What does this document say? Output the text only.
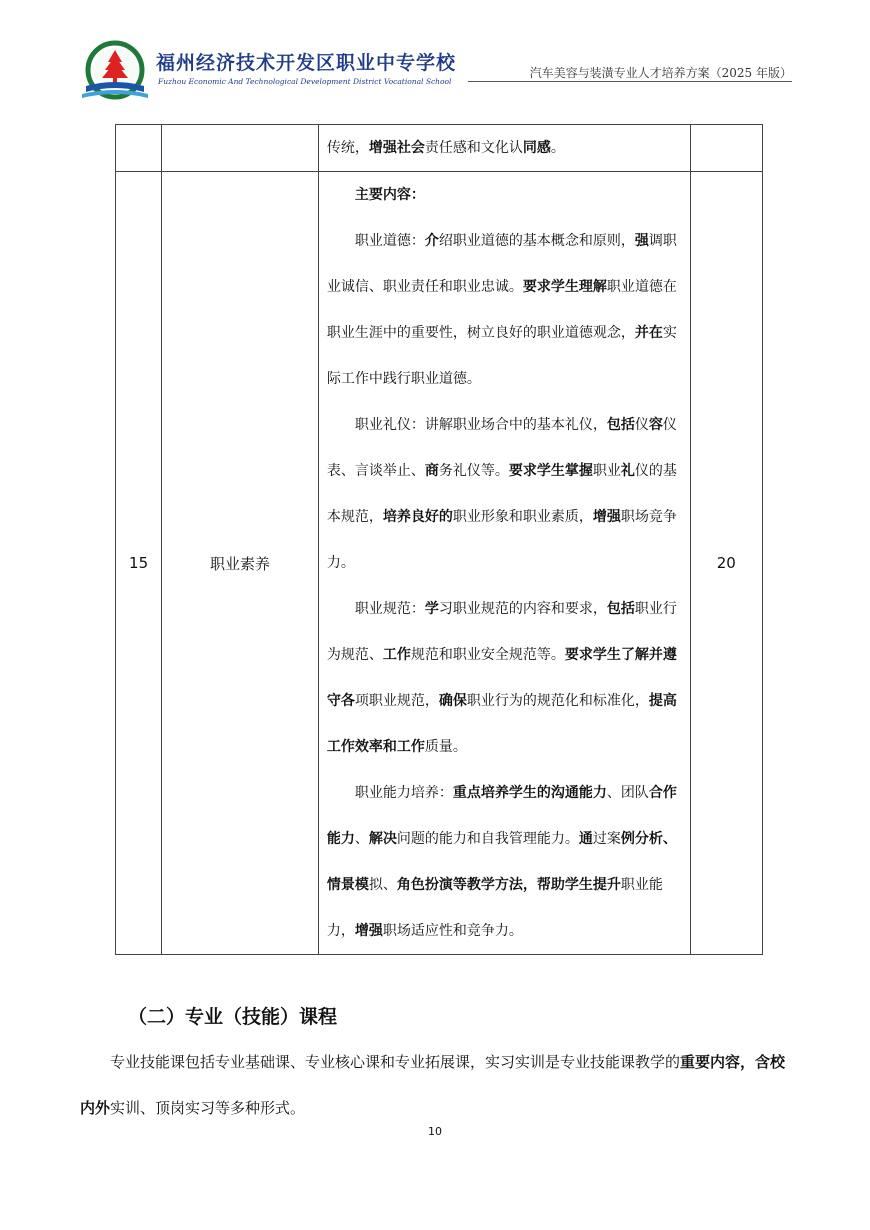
福州经济技术开发区职业中专学校
Fuzhou Economic And Technological Development District Vocational School
汽车美容与装潢专业人才培养方案（2025 年版）
		传统，增强社会责任感和文化认同感。	
15	职业素养	主要内容：

职业道德：介绍职业道德的基本概念和原则，强调职业诚信、职业责任和职业忠诚。要求学生理解职业道德在职业生涯中的重要性，树立良好的职业道德观念，并在实际工作中践行职业道德。

职业礼仪：讲解职业场合中的基本礼仪，包括仪容仪表、言谈举止、商务礼仪等。要求学生掌握职业礼仪的基本规范，培养良好的职业形象和职业素质，增强职场竞争力。

职业规范：学习职业规范的内容和要求，包括职业行为规范、工作规范和职业安全规范等。要求学生了解并遵守各项职业规范，确保职业行为的规范化和标准化，提高工作效率和工作质量。

职业能力培养：重点培养学生的沟通能力、团队合作能力、解决问题的能力和自我管理能力。通过案例分析、情景模拟、角色扮演等教学方法，帮助学生提升职业能力，增强职场适应性和竞争力。	20
（二）专业（技能）课程
专业技能课包括专业基础课、专业核心课和专业拓展课，实习实训是专业技能课教学的重要内容，含校内外实训、顶岗实习等多种形式。
10
